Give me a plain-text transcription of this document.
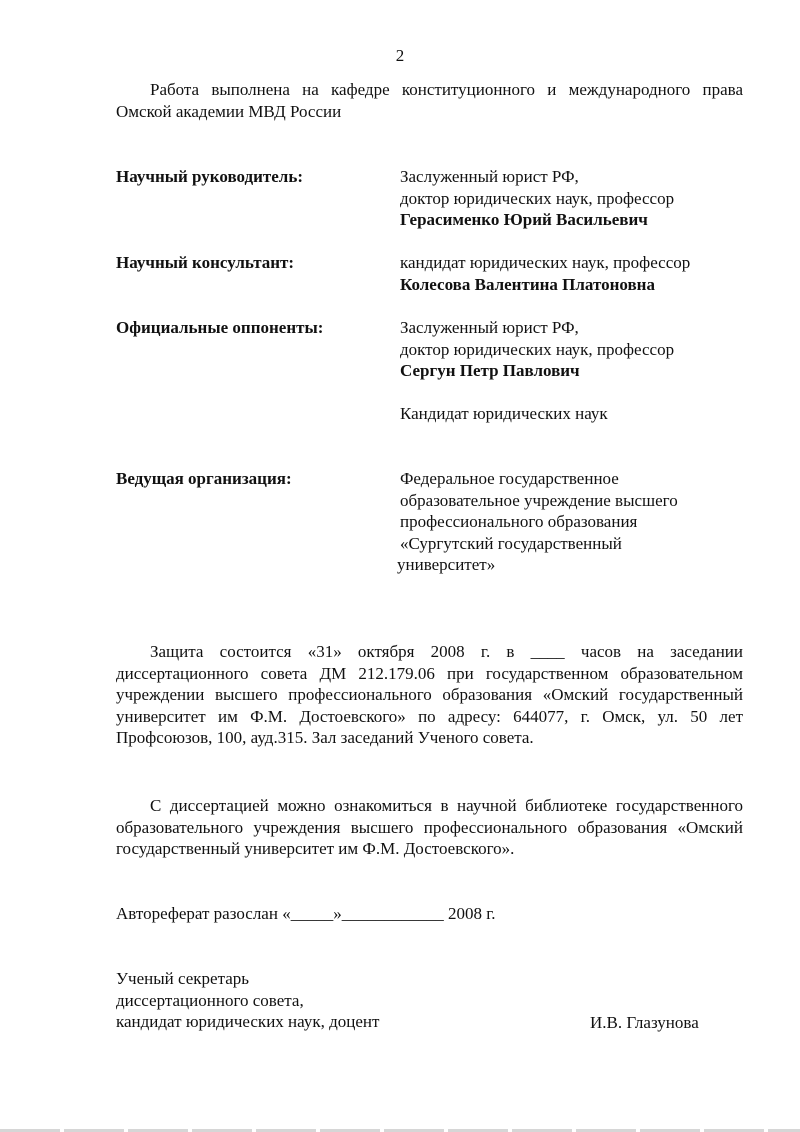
2
Работа выполнена на кафедре конституционного и международного права Омской академии МВД России
Научный руководитель:	Заслуженный юрист РФ,
доктор юридических наук, профессор
Герасименко Юрий Васильевич
Научный консультант:	кандидат юридических наук, профессор
Колесова Валентина Платоновна
Официальные оппоненты:	Заслуженный юрист РФ,
доктор юридических наук, профессор
Сергун Петр Павлович
Кандидат юридических наук
Ведущая организация:	Федеральное государственное
образовательное учреждение высшего
профессионального образования
«Сургутский государственный
университет»
Защита состоится «31» октября 2008 г. в ____ часов на заседании диссертационного совета ДМ 212.179.06 при государственном образовательном учреждении высшего профессионального образования «Омский государственный университет им Ф.М. Достоевского» по адресу: 644077, г. Омск, ул. 50 лет Профсоюзов, 100, ауд.315. Зал заседаний Ученого совета.
С диссертацией можно ознакомиться в научной библиотеке государственного образовательного учреждения высшего профессионального образования «Омский государственный университет им Ф.М. Достоевского».
Автореферат разослан «_____»____________ 2008 г.
Ученый секретарь
диссертационного совета,
кандидат юридических наук, доцент	И.В. Глазунова
